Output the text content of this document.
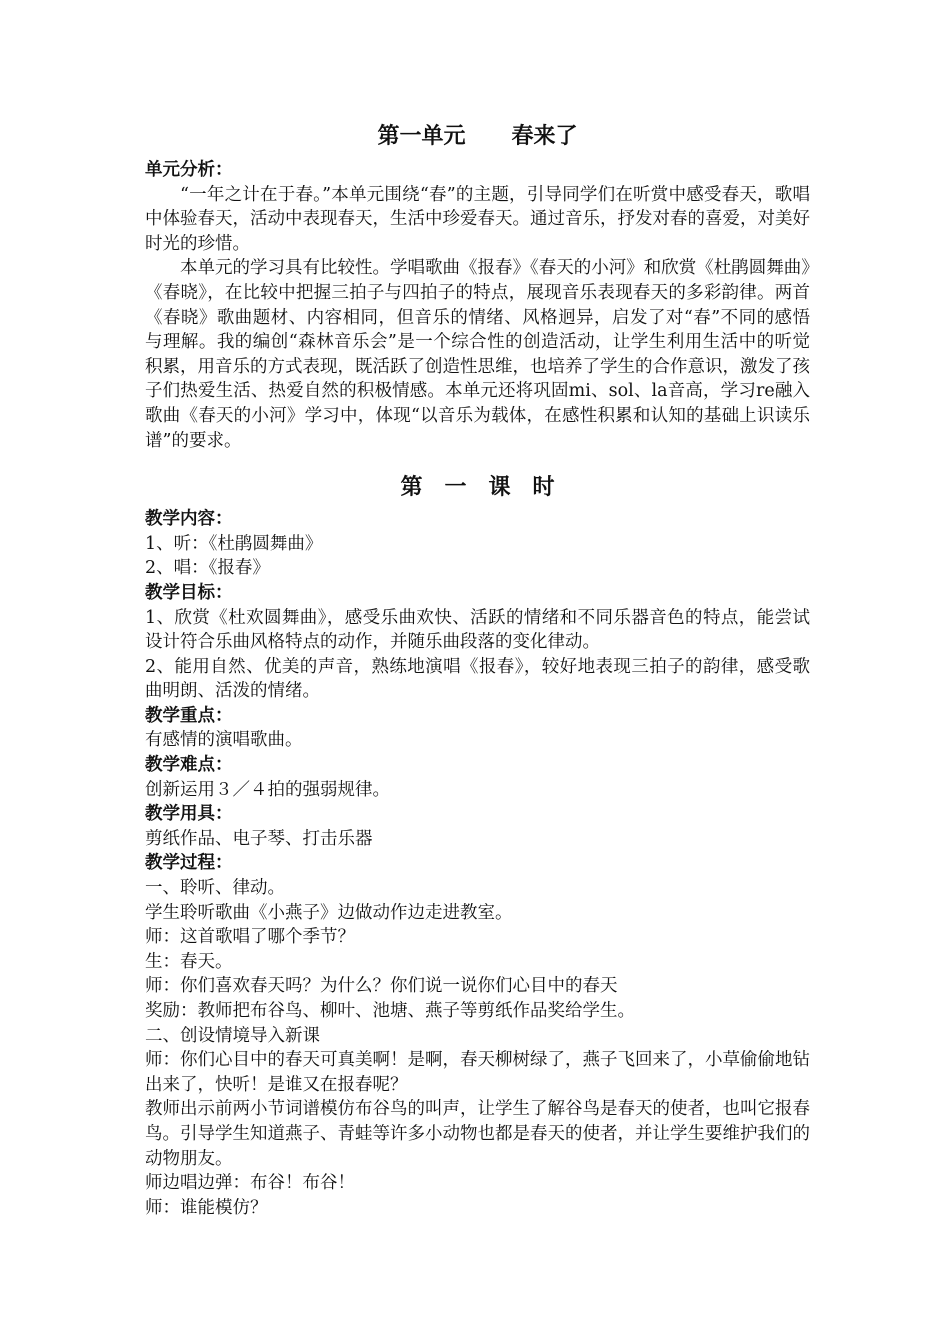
第一单元      春来了

单元分析：

“一年之计在于春。”本单元围绕“春”的主题，引导同学们在听赏中感受春天，歌唱中体验春天，活动中表现春天，生活中珍爱春天。通过音乐，抒发对春的喜爱，对美好时光的珍惜。

本单元的学习具有比较性。学唱歌曲《报春》《春天的小河》和欣赏《杜鹃圆舞曲》《春晓》，在比较中把握三拍子与四拍子的特点，展现音乐表现春天的多彩韵律。两首《春晓》歌曲题材、内容相同，但音乐的情绪、风格迥异，启发了对“春”不同的感悟与理解。我的编创“森林音乐会”是一个综合性的创造活动，让学生利用生活中的听觉积累，用音乐的方式表现，既活跃了创造性思维，也培养了学生的合作意识，激发了孩子们热爱生活、热爱自然的积极情感。本单元还将巩固mi、sol、la音高，学习re融入歌曲《春天的小河》学习中，体现“以音乐为载体，在感性积累和认知的基础上识读乐谱”的要求。

第一课时

教学内容：

1、听：《杜鹃圆舞曲》

2、唱：《报春》

教学目标：

1、欣赏《杜欢圆舞曲》，感受乐曲欢快、活跃的情绪和不同乐器音色的特点，能尝试设计符合乐曲风格特点的动作，并随乐曲段落的变化律动。

2、能用自然、优美的声音，熟练地演唱《报春》，较好地表现三拍子的韵律，感受歌曲明朗、活泼的情绪。

教学重点：

有感情的演唱歌曲。

教学难点：

创新运用３／４拍的强弱规律。

教学用具：

剪纸作品、电子琴、打击乐器

教学过程：

一、聆听、律动。

学生聆听歌曲《小燕子》边做动作边走进教室。

师：这首歌唱了哪个季节？

生：春天。

师：你们喜欢春天吗？为什么？你们说一说你们心目中的春天

奖励：教师把布谷鸟、柳叶、池塘、燕子等剪纸作品奖给学生。

二、创设情境导入新课

师：你们心目中的春天可真美啊！是啊，春天柳树绿了，燕子飞回来了，小草偷偷地钻出来了，快听！是谁又在报春呢？

教师出示前两小节词谱模仿布谷鸟的叫声，让学生了解谷鸟是春天的使者，也叫它报春鸟。引导学生知道燕子、青蛙等许多小动物也都是春天的使者，并让学生要维护我们的动物朋友。

师边唱边弹：布谷！布谷！

师：谁能模仿？
